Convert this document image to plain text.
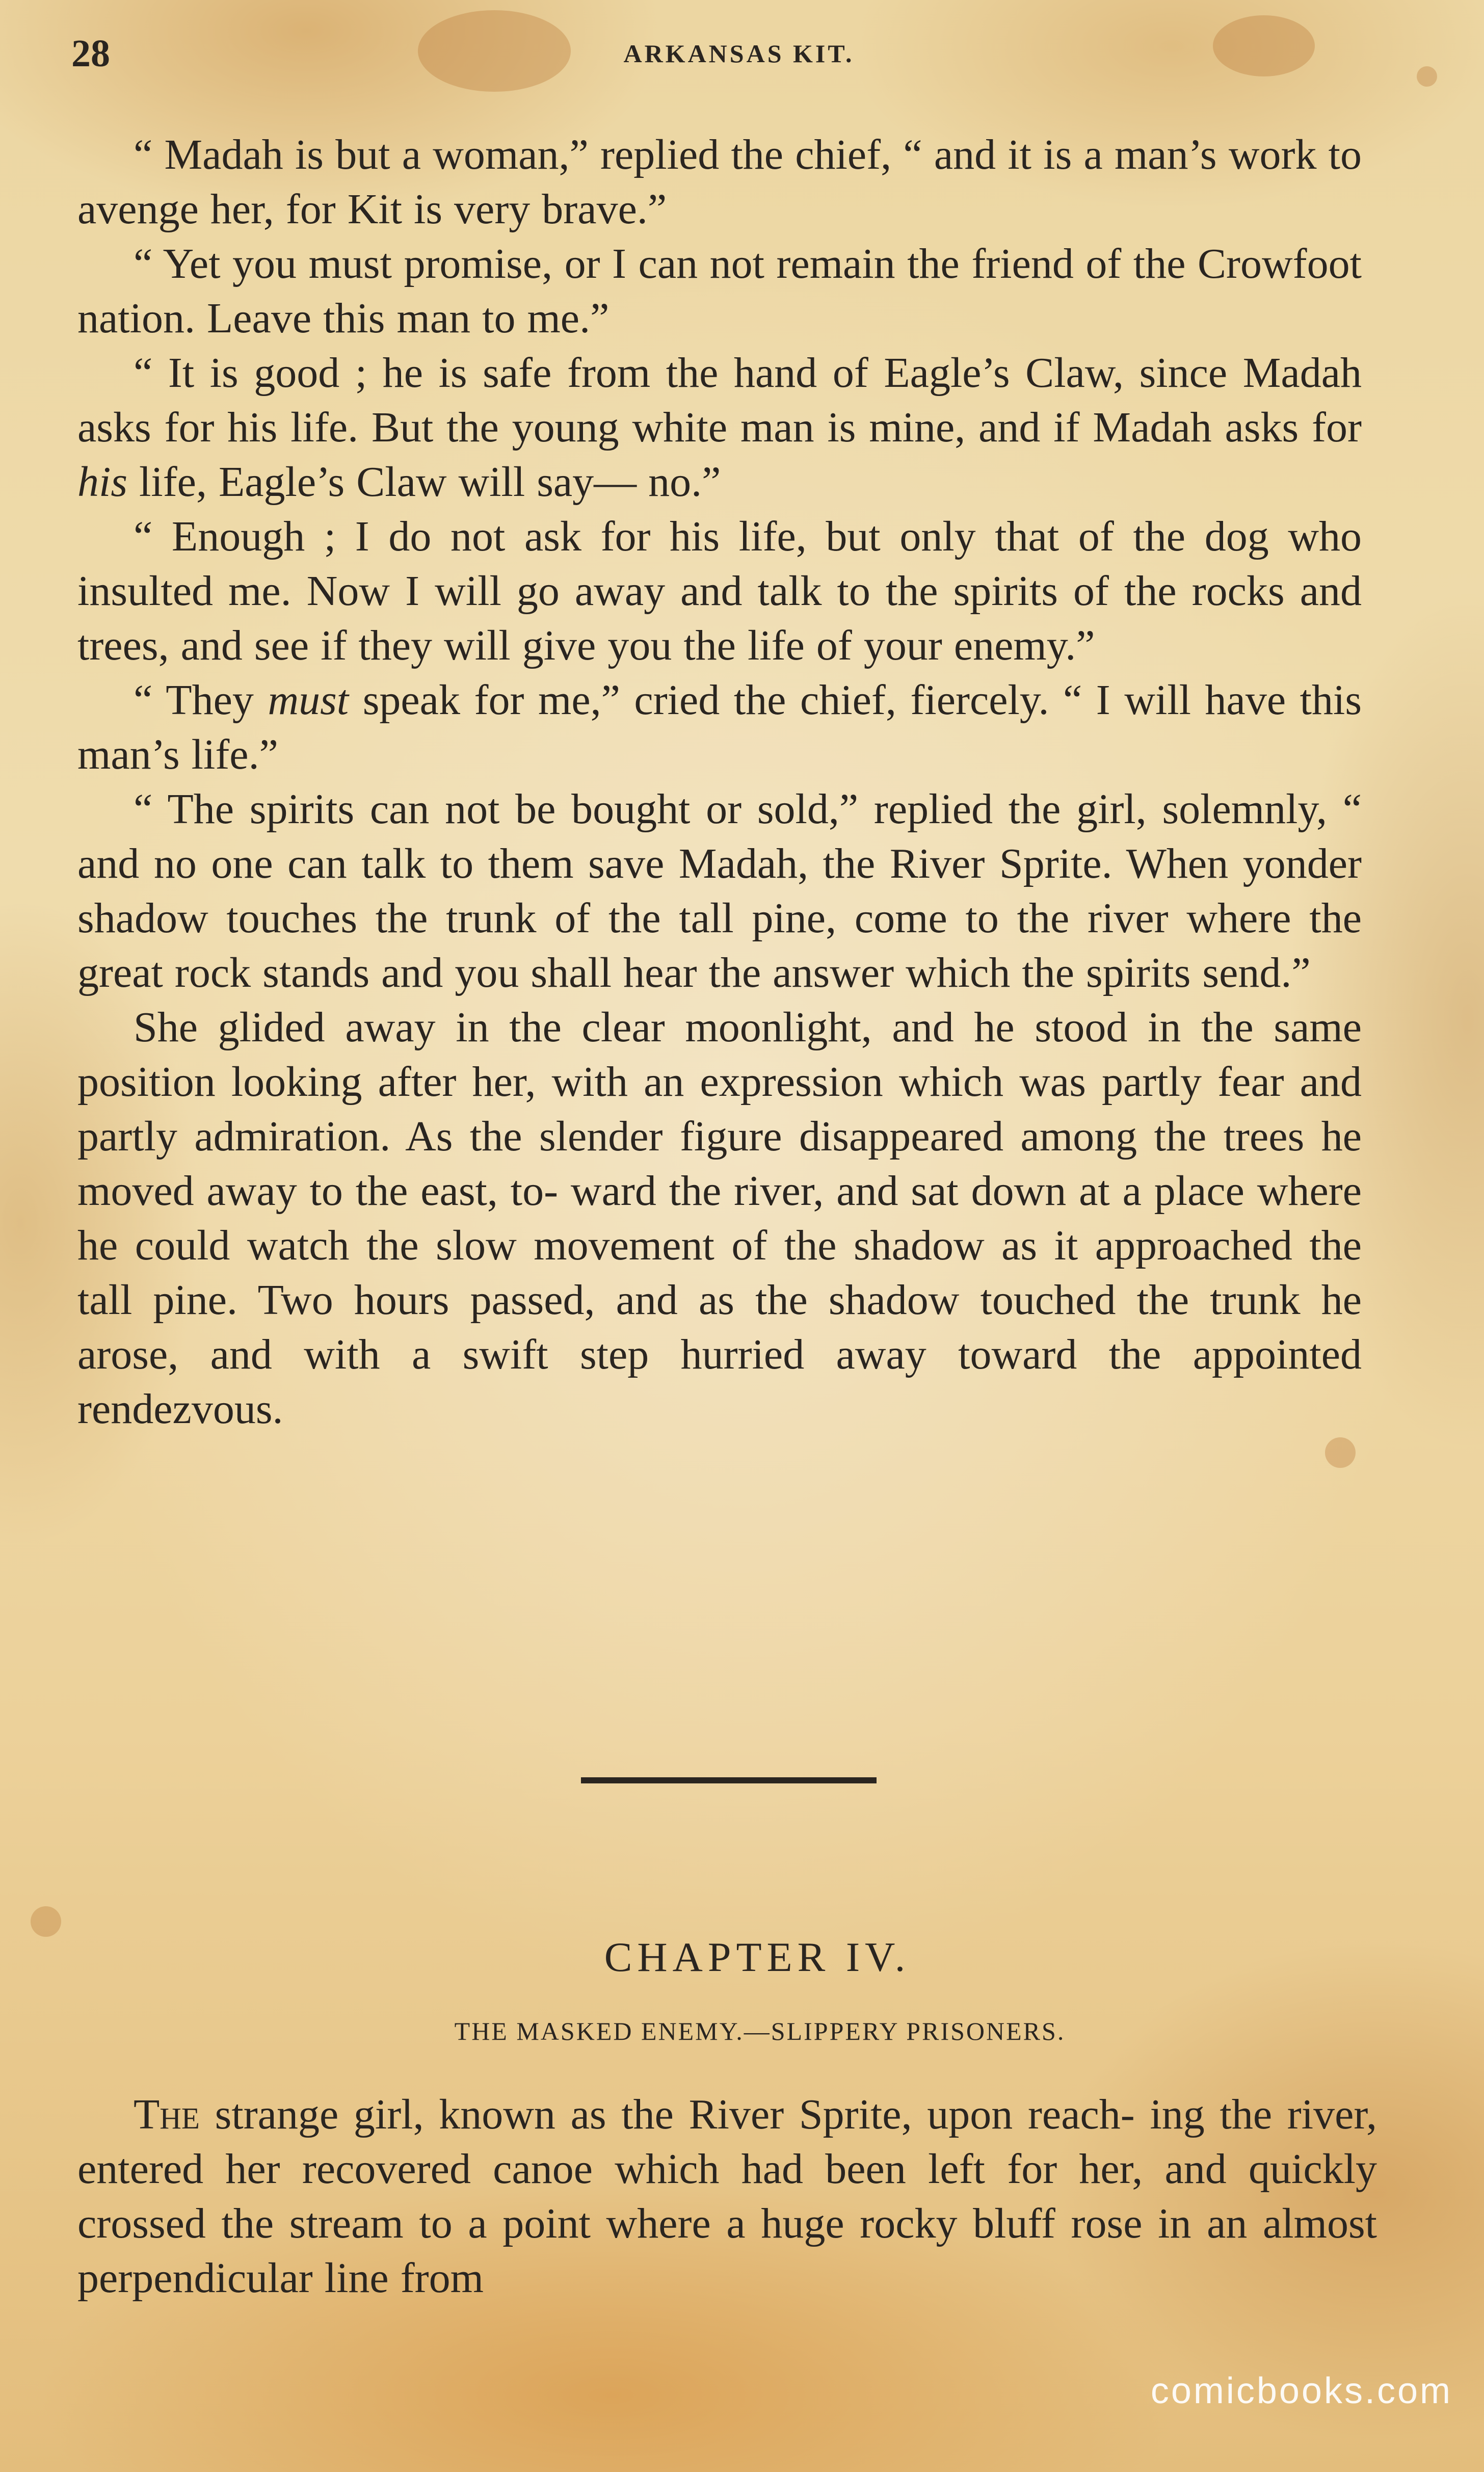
28	ARKANSAS KIT.

“ Madah is but a woman,” replied the chief, “ and it is a man’s work to avenge her, for Kit is very brave.”

“ Yet you must promise, or I can not remain the friend of the Crowfoot nation. Leave this man to me.”

“ It is good ; he is safe from the hand of Eagle’s Claw, since Madah asks for his life. But the young white man is mine, and if Madah asks for his life, Eagle’s Claw will say— no.”

“ Enough ; I do not ask for his life, but only that of the dog who insulted me. Now I will go away and talk to the spirits of the rocks and trees, and see if they will give you the life of your enemy.”

“ They must speak for me,” cried the chief, fiercely. “ I will have this man’s life.”

“ The spirits can not be bought or sold,” replied the girl, solemnly, “ and no one can talk to them save Madah, the River Sprite. When yonder shadow touches the trunk of the tall pine, come to the river where the great rock stands and you shall hear the answer which the spirits send.”

She glided away in the clear moonlight, and he stood in the same position looking after her, with an expression which was partly fear and partly admiration. As the slender figure disappeared among the trees he moved away to the east, to- ward the river, and sat down at a place where he could watch the slow movement of the shadow as it approached the tall pine. Two hours passed, and as the shadow touched the trunk he arose, and with a swift step hurried away toward the appointed rendezvous.

CHAPTER IV.
THE MASKED ENEMY.—SLIPPERY PRISONERS.

The strange girl, known as the River Sprite, upon reach- ing the river, entered her recovered canoe which had been left for her, and quickly crossed the stream to a point where a huge rocky bluff rose in an almost perpendicular line from

comicbooks.com
